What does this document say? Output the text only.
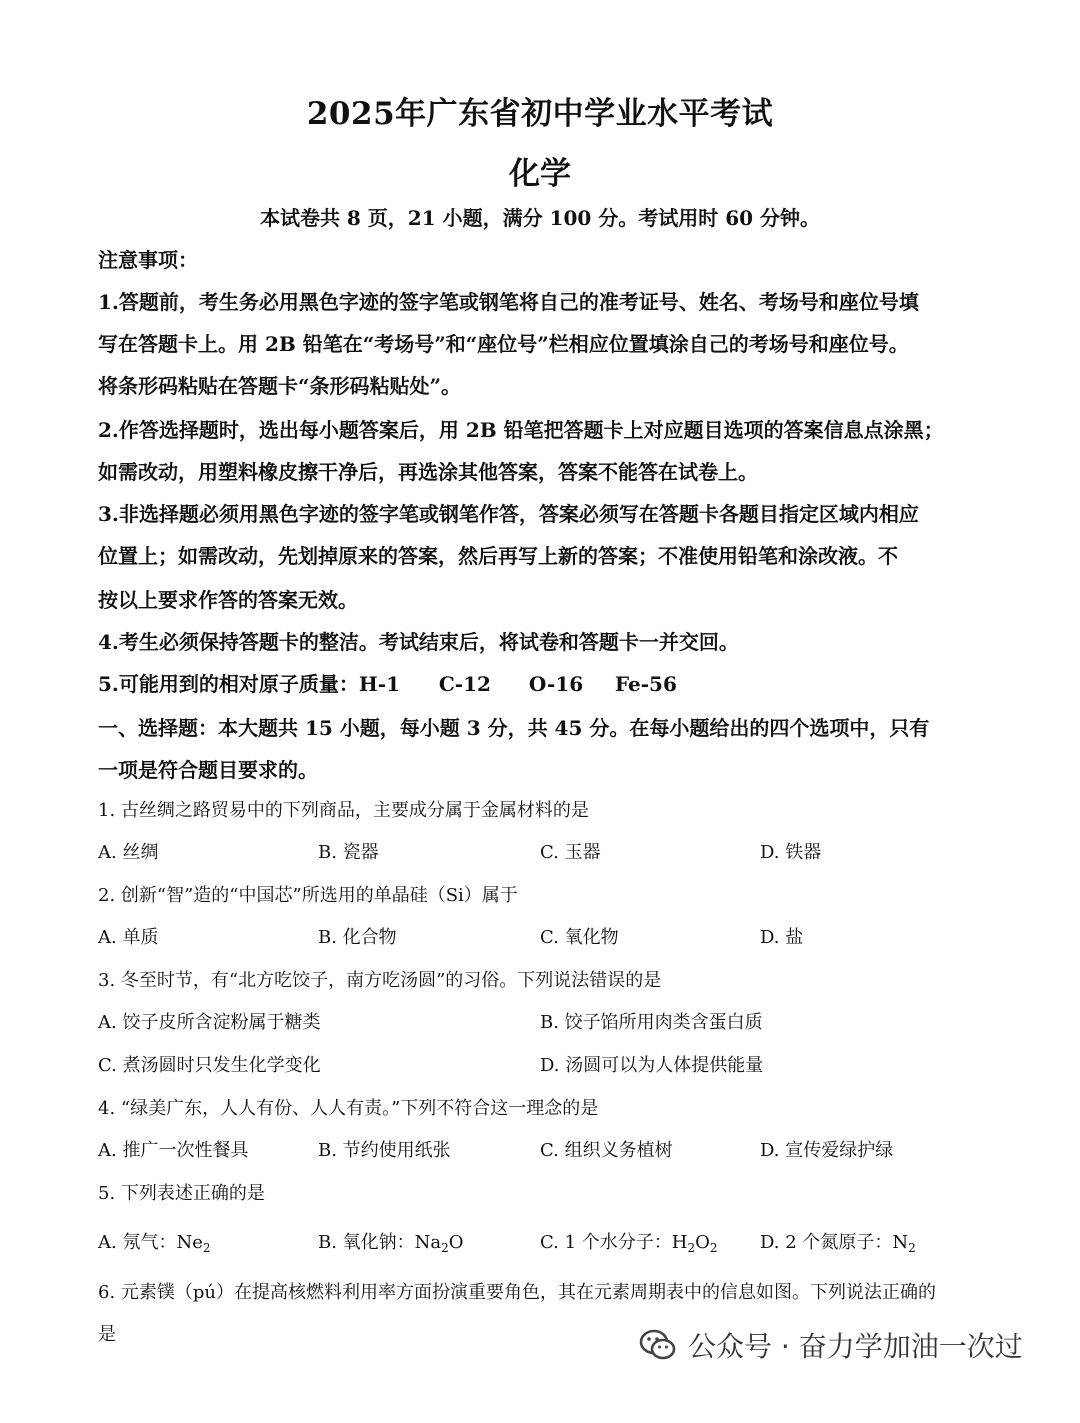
2025年广东省初中学业水平考试
化学
本试卷共 8 页，21 小题，满分 100 分。考试用时 60 分钟。
注意事项：
1.答题前，考生务必用黑色字迹的签字笔或钢笔将自己的准考证号、姓名、考场号和座位号填
写在答题卡上。用 2B 铅笔在“考场号”和“座位号”栏相应位置填涂自己的考场号和座位号。
将条形码粘贴在答题卡“条形码粘贴处”。
2.作答选择题时，选出每小题答案后，用 2B 铅笔把答题卡上对应题目选项的答案信息点涂黑；
如需改动，用塑料橡皮擦干净后，再选涂其他答案，答案不能答在试卷上。
3.非选择题必须用黑色字迹的签字笔或钢笔作答，答案必须写在答题卡各题目指定区域内相应
位置上；如需改动，先划掉原来的答案，然后再写上新的答案；不准使用铅笔和涂改液。不
按以上要求作答的答案无效。
4.考生必须保持答题卡的整洁。考试结束后，将试卷和答题卡一并交回。
5.可能用到的相对原子质量：H-1 C-12 O-16 Fe-56
一、选择题：本大题共 15 小题，每小题 3 分，共 45 分。在每小题给出的四个选项中，只有
一项是符合题目要求的。
1. 古丝绸之路贸易中的下列商品，主要成分属于金属材料的是
A. 丝绸	B. 瓷器	C. 玉器	D. 铁器
2. 创新“智”造的“中国芯”所选用的单晶硅（Si）属于
A. 单质	B. 化合物	C. 氧化物	D. 盐
3. 冬至时节，有“北方吃饺子，南方吃汤圆”的习俗。下列说法错误的是
A. 饺子皮所含淀粉属于糖类	B. 饺子馅所用肉类含蛋白质
C. 煮汤圆时只发生化学变化	D. 汤圆可以为人体提供能量
4. “绿美广东，人人有份、人人有责。”下列不符合这一理念的是
A. 推广一次性餐具	B. 节约使用纸张	C. 组织义务植树	D. 宣传爱绿护绿
5. 下列表述正确的是
A. 氖气：$Ne_2$	B. 氧化钠：$Na_2O$	C. 1 个水分子：$H_2O_2$ D. 2 个氮原子：$N_2$
6. 元素镤（pú）在提高核燃料利用率方面扮演重要角色，其在元素周期表中的信息如图。下列说法正确的
是	公众号 · 奋力学加油一次过
